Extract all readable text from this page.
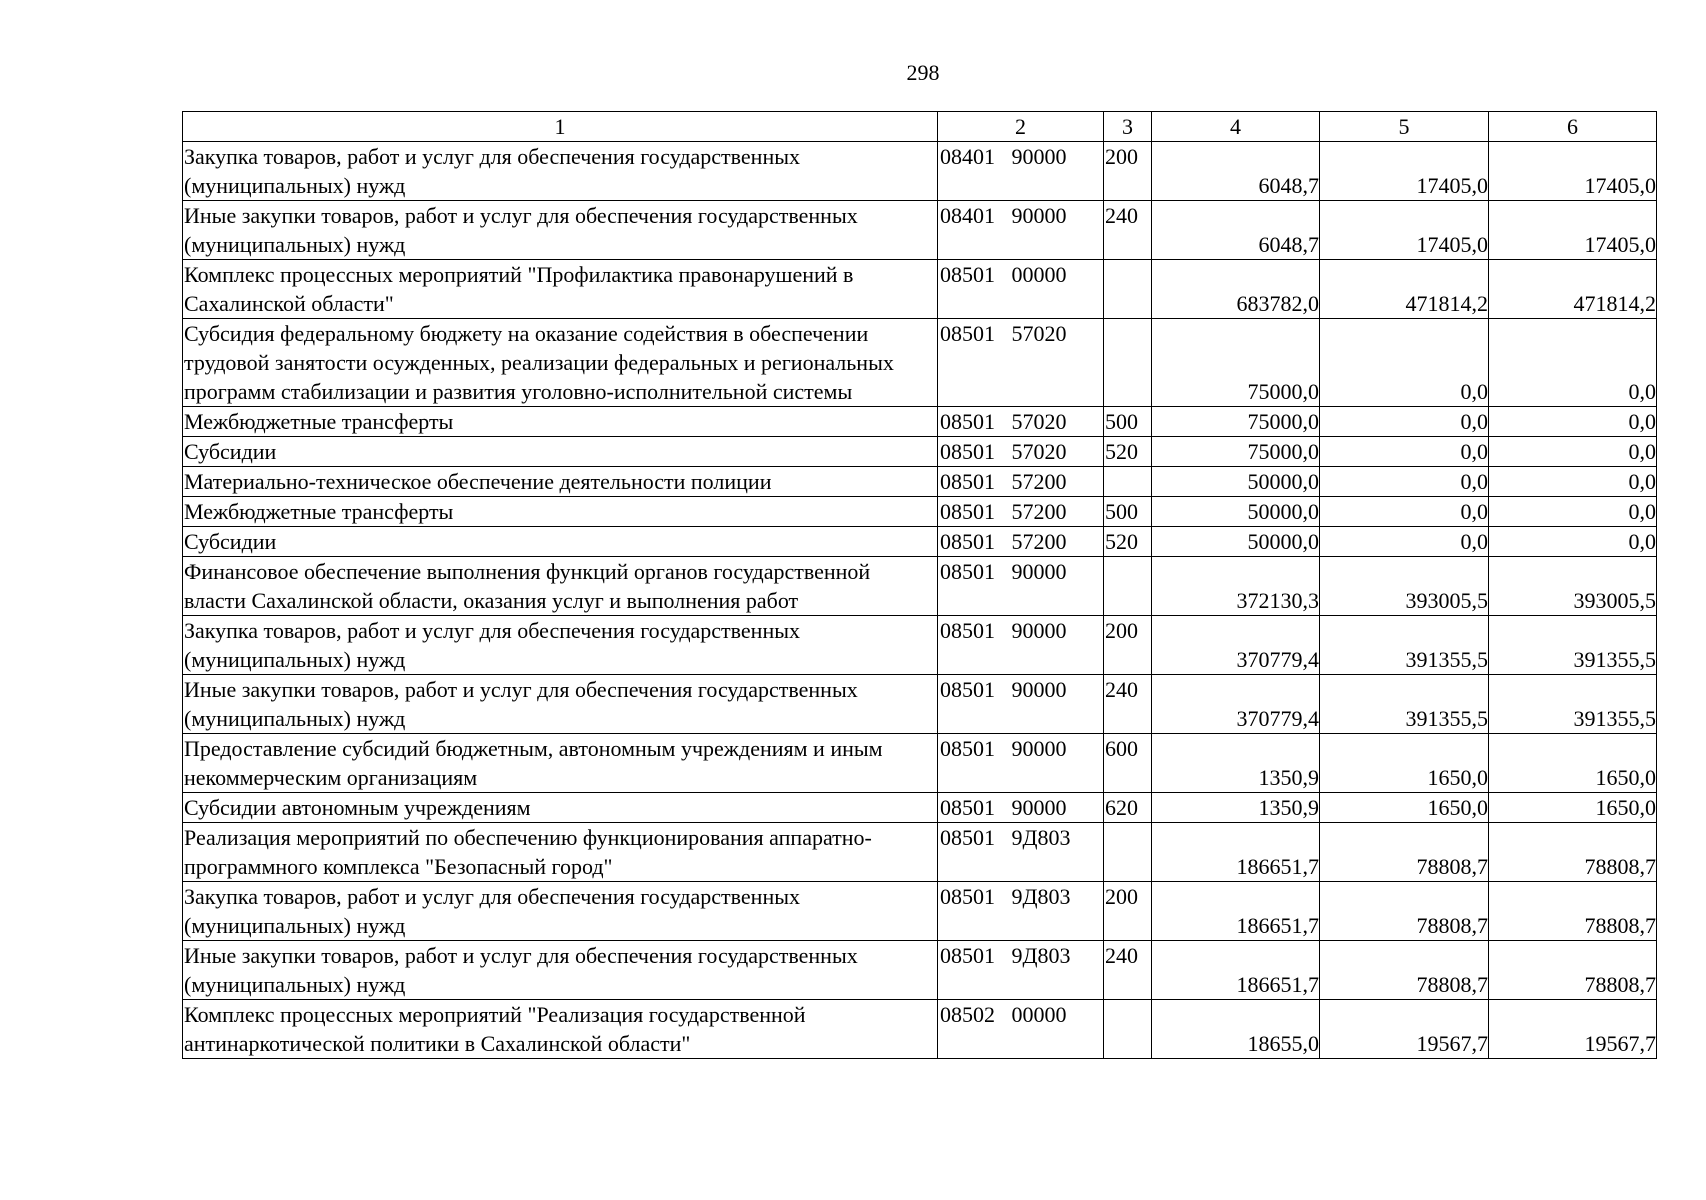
298
1	2	3	4	5	6
Закупка товаров, работ и услуг для обеспечения государственных (муниципальных) нужд	08401   90000	200	6048,7	17405,0	17405,0
Иные закупки товаров, работ и услуг для обеспечения государственных (муниципальных) нужд	08401   90000	240	6048,7	17405,0	17405,0
Комплекс процессных мероприятий "Профилактика правонарушений в Сахалинской области"	08501   00000		683782,0	471814,2	471814,2
Субсидия федеральному бюджету на оказание содействия в обеспечении трудовой занятости осужденных, реализации федеральных и региональных программ стабилизации и развития уголовно-исполнительной системы	08501   57020		75000,0	0,0	0,0
Межбюджетные трансферты	08501   57020	500	75000,0	0,0	0,0
Субсидии	08501   57020	520	75000,0	0,0	0,0
Материально-техническое обеспечение деятельности полиции	08501   57200		50000,0	0,0	0,0
Межбюджетные трансферты	08501   57200	500	50000,0	0,0	0,0
Субсидии	08501   57200	520	50000,0	0,0	0,0
Финансовое обеспечение выполнения функций органов государственной власти Сахалинской области, оказания услуг и выполнения работ	08501   90000		372130,3	393005,5	393005,5
Закупка товаров, работ и услуг для обеспечения государственных (муниципальных) нужд	08501   90000	200	370779,4	391355,5	391355,5
Иные закупки товаров, работ и услуг для обеспечения государственных (муниципальных) нужд	08501   90000	240	370779,4	391355,5	391355,5
Предоставление субсидий бюджетным, автономным учреждениям и иным некоммерческим организациям	08501   90000	600	1350,9	1650,0	1650,0
Субсидии автономным учреждениям	08501   90000	620	1350,9	1650,0	1650,0
Реализация мероприятий по обеспечению функционирования аппаратно-программного комплекса "Безопасный город"	08501   9Д803		186651,7	78808,7	78808,7
Закупка товаров, работ и услуг для обеспечения государственных (муниципальных) нужд	08501   9Д803	200	186651,7	78808,7	78808,7
Иные закупки товаров, работ и услуг для обеспечения государственных (муниципальных) нужд	08501   9Д803	240	186651,7	78808,7	78808,7
Комплекс процессных мероприятий "Реализация государственной антинаркотической политики в Сахалинской области"	08502   00000		18655,0	19567,7	19567,7
